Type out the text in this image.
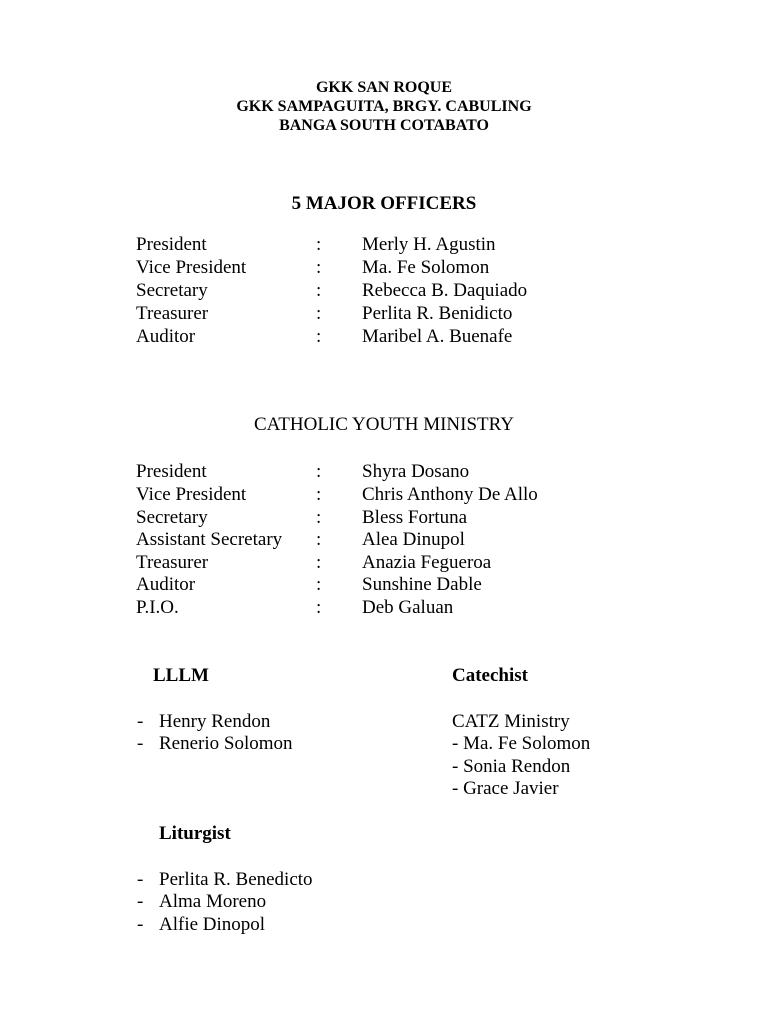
GKK SAN ROQUE
GKK SAMPAGUITA, BRGY. CABULING
BANGA SOUTH COTABATO
5 MAJOR OFFICERS
President	: Merly H. Agustin
Vice President	: Ma. Fe Solomon
Secretary	: Rebecca B. Daquiado
Treasurer	: Perlita R. Benidicto
Auditor	: Maribel A. Buenafe
CATHOLIC YOUTH MINISTRY
President	: Shyra Dosano
Vice President	: Chris Anthony De Allo
Secretary	: Bless Fortuna
Assistant Secretary : Alea Dinupol
Treasurer	: Anazia Fegueroa
Auditor	: Sunshine Dable
P.I.O.	: Deb Galuan
LLLM
- Henry Rendon
- Renerio Solomon
Catechist
CATZ Ministry
- Ma. Fe Solomon
- Sonia Rendon
- Grace Javier
Liturgist
- Perlita R. Benedicto
- Alma Moreno
- Alfie Dinopol
